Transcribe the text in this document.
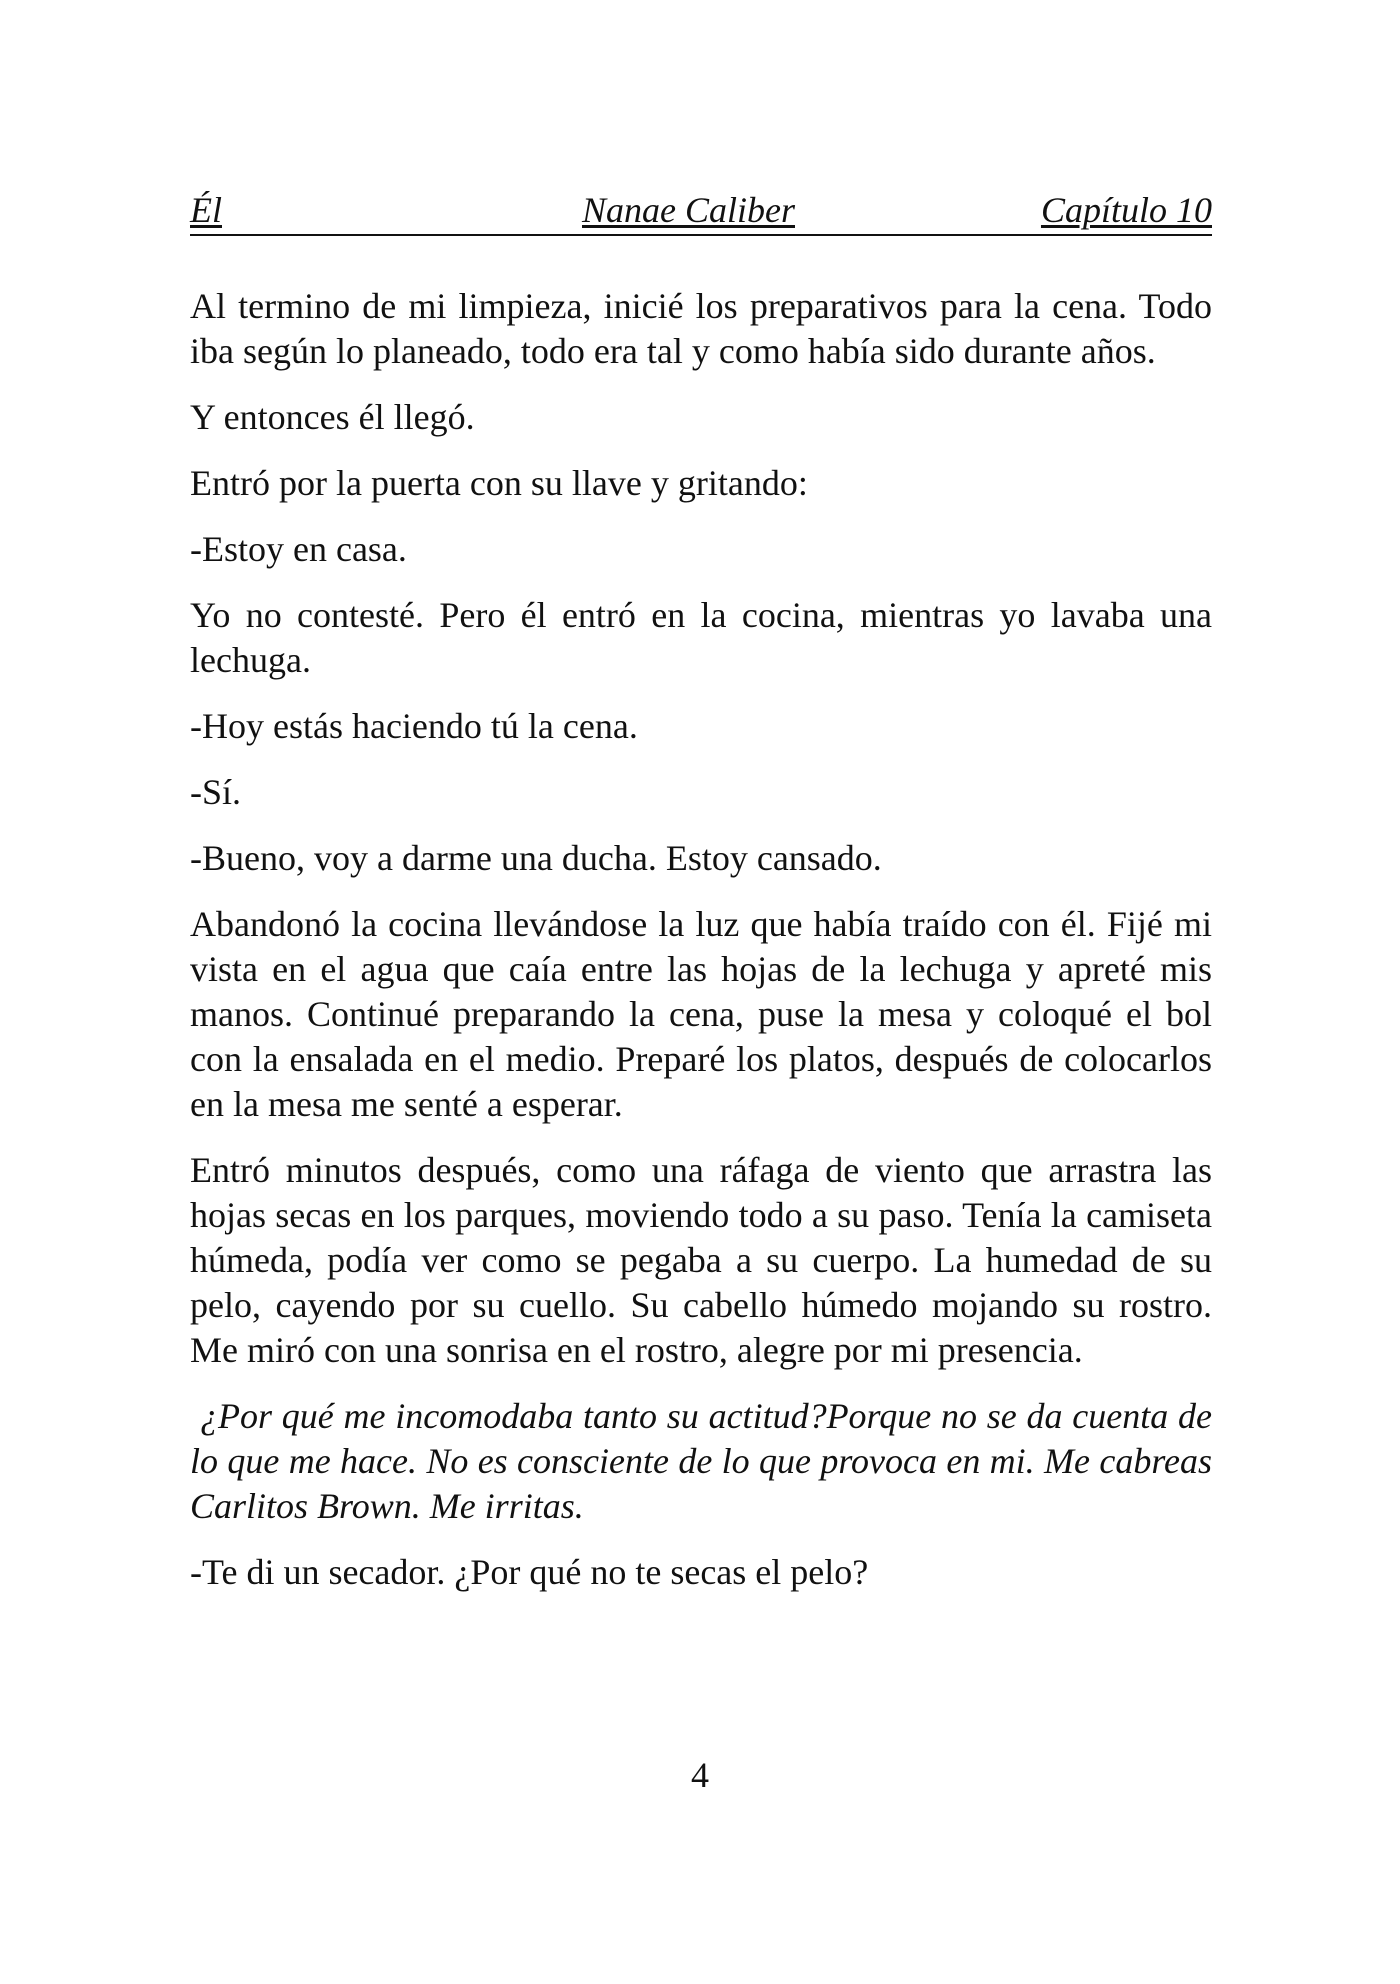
Él	Nanae Caliber	Capítulo 10

Al termino de mi limpieza, inicié los preparativos para la cena. Todo iba según lo planeado, todo era tal y como había sido durante años.

Y entonces él llegó.

Entró por la puerta con su llave y gritando:

-Estoy en casa.

Yo no contesté. Pero él entró en la cocina, mientras yo lavaba una lechuga.

-Hoy estás haciendo tú la cena.

-Sí.

-Bueno, voy a darme una ducha. Estoy cansado.

Abandonó la cocina llevándose la luz que había traído con él. Fijé mi vista en el agua que caía entre las hojas de la lechuga y apreté mis manos. Continué preparando la cena, puse la mesa y coloqué el bol con la ensalada en el medio. Preparé los platos, después de colocarlos en la mesa me senté a esperar.

Entró minutos después, como una ráfaga de viento que arrastra las hojas secas en los parques, moviendo todo a su paso. Tenía la camiseta húmeda, podía ver como se pegaba a su cuerpo. La humedad de su pelo, cayendo por su cuello. Su cabello húmedo mojando su rostro. Me miró con una sonrisa en el rostro, alegre por mi presencia.

¿Por qué me incomodaba tanto su actitud?Porque no se da cuenta de lo que me hace. No es consciente de lo que provoca en mi. Me cabreas Carlitos Brown. Me irritas.

-Te di un secador. ¿Por qué no te secas el pelo?

4
